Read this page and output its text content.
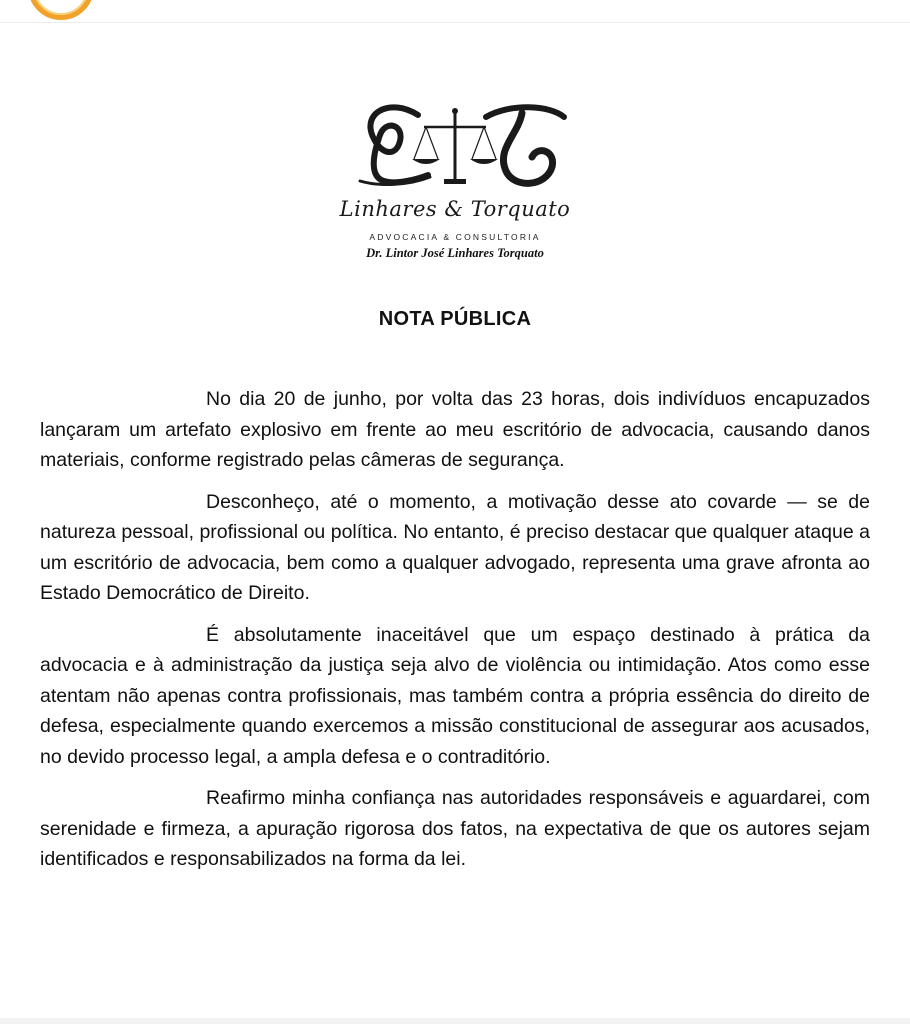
Linhares & Torquato
ADVOCACIA & CONSULTORIA
Dr. Lintor José Linhares Torquato
NOTA PÚBLICA

No dia 20 de junho, por volta das 23 horas, dois indivíduos encapuzados lançaram um artefato explosivo em frente ao meu escritório de advocacia, causando danos materiais, conforme registrado pelas câmeras de segurança.

Desconheço, até o momento, a motivação desse ato covarde — se de natureza pessoal, profissional ou política. No entanto, é preciso destacar que qualquer ataque a um escritório de advocacia, bem como a qualquer advogado, representa uma grave afronta ao Estado Democrático de Direito.

É absolutamente inaceitável que um espaço destinado à prática da advocacia e à administração da justiça seja alvo de violência ou intimidação. Atos como esse atentam não apenas contra profissionais, mas também contra a própria essência do direito de defesa, especialmente quando exercemos a missão constitucional de assegurar aos acusados, no devido processo legal, a ampla defesa e o contraditório.

Reafirmo minha confiança nas autoridades responsáveis e aguardarei, com serenidade e firmeza, a apuração rigorosa dos fatos, na expectativa de que os autores sejam identificados e responsabilizados na forma da lei.
